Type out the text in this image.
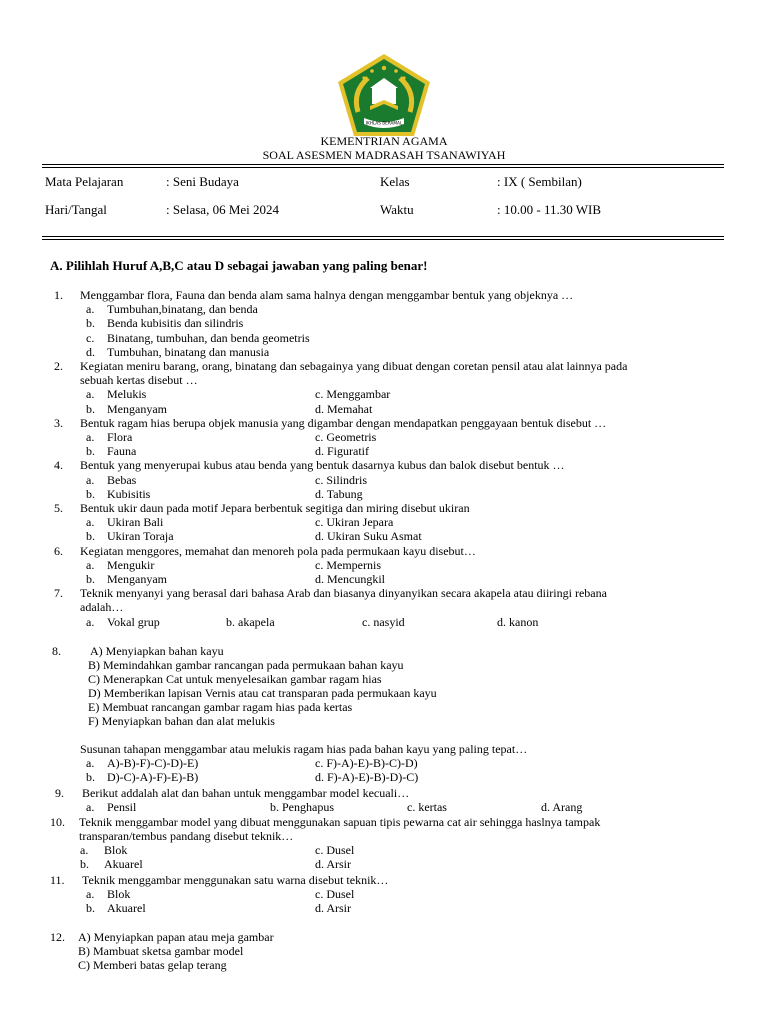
IKHLAS BERAMAL
KEMENTRIAN AGAMA
SOAL ASESMEN MADRASAH TSANAWIYAH
Mata Pelajaran	: Seni Budaya	Kelas	: IX ( Sembilan)
Hari/Tangal	: Selasa, 06 Mei 2024	Waktu	: 10.00 - 11.30 WIB
A. Pilihlah Huruf A,B,C atau D sebagai jawaban yang paling benar!
1. Menggambar flora, Fauna dan benda alam sama halnya dengan menggambar bentuk yang objeknya …
a. Tumbuhan,binatang, dan benda
b. Benda kubisitis dan silindris
c. Binatang, tumbuhan, dan benda geometris
d. Tumbuhan, binatang dan manusia
2. Kegiatan meniru barang, orang, binatang dan sebagainya yang dibuat dengan coretan pensil atau alat lainnya pada
sebuah kertas disebut …
a. Melukis	c. Menggambar
b. Menganyam	d. Memahat
3. Bentuk ragam hias berupa objek manusia yang digambar dengan mendapatkan penggayaan bentuk disebut …
a. Flora	c. Geometris
b. Fauna	d. Figuratif
4. Bentuk yang menyerupai kubus atau benda yang bentuk dasarnya kubus dan balok disebut bentuk …
a. Bebas	c. Silindris
b. Kubisitis	d. Tabung
5. Bentuk ukir daun pada motif Jepara berbentuk segitiga dan miring disebut ukiran
a. Ukiran Bali	c. Ukiran Jepara
b. Ukiran Toraja	d. Ukiran Suku Asmat
6. Kegiatan menggores, memahat dan menoreh pola pada permukaan kayu disebut…
a. Mengukir	c. Mempernis
b. Menganyam	d. Mencungkil
7. Teknik menyanyi yang berasal dari bahasa Arab dan biasanya dinyanyikan secara akapela atau diiringi rebana
adalah…
a. Vokal grup	b. akapela	c. nasyid	d. kanon
8. A) Menyiapkan bahan kayu
B) Memindahkan gambar rancangan pada permukaan bahan kayu
C) Menerapkan Cat untuk menyelesaikan gambar ragam hias
D) Memberikan lapisan Vernis atau cat transparan pada permukaan kayu
E) Membuat rancangan gambar ragam hias pada kertas
F) Menyiapkan bahan dan alat melukis
Susunan tahapan menggambar atau melukis ragam hias pada bahan kayu yang paling tepat…
a. A)-B)-F)-C)-D)-E)	c. F)-A)-E)-B)-C)-D)
b. D)-C)-A)-F)-E)-B)	d. F)-A)-E)-B)-D)-C)
9. Berikut addalah alat dan bahan untuk menggambar model kecuali…
a. Pensil	b. Penghapus	c. kertas	d. Arang
10. Teknik menggambar model yang dibuat menggunakan sapuan tipis pewarna cat air sehingga haslnya tampak
transparan/tembus pandang disebut teknik…
a. Blok	c. Dusel
b. Akuarel	d. Arsir
11. Teknik menggambar menggunakan satu warna disebut teknik…
a. Blok	c. Dusel
b. Akuarel	d. Arsir
12. A) Menyiapkan papan atau meja gambar
B) Mambuat sketsa gambar model
C) Memberi batas gelap terang
